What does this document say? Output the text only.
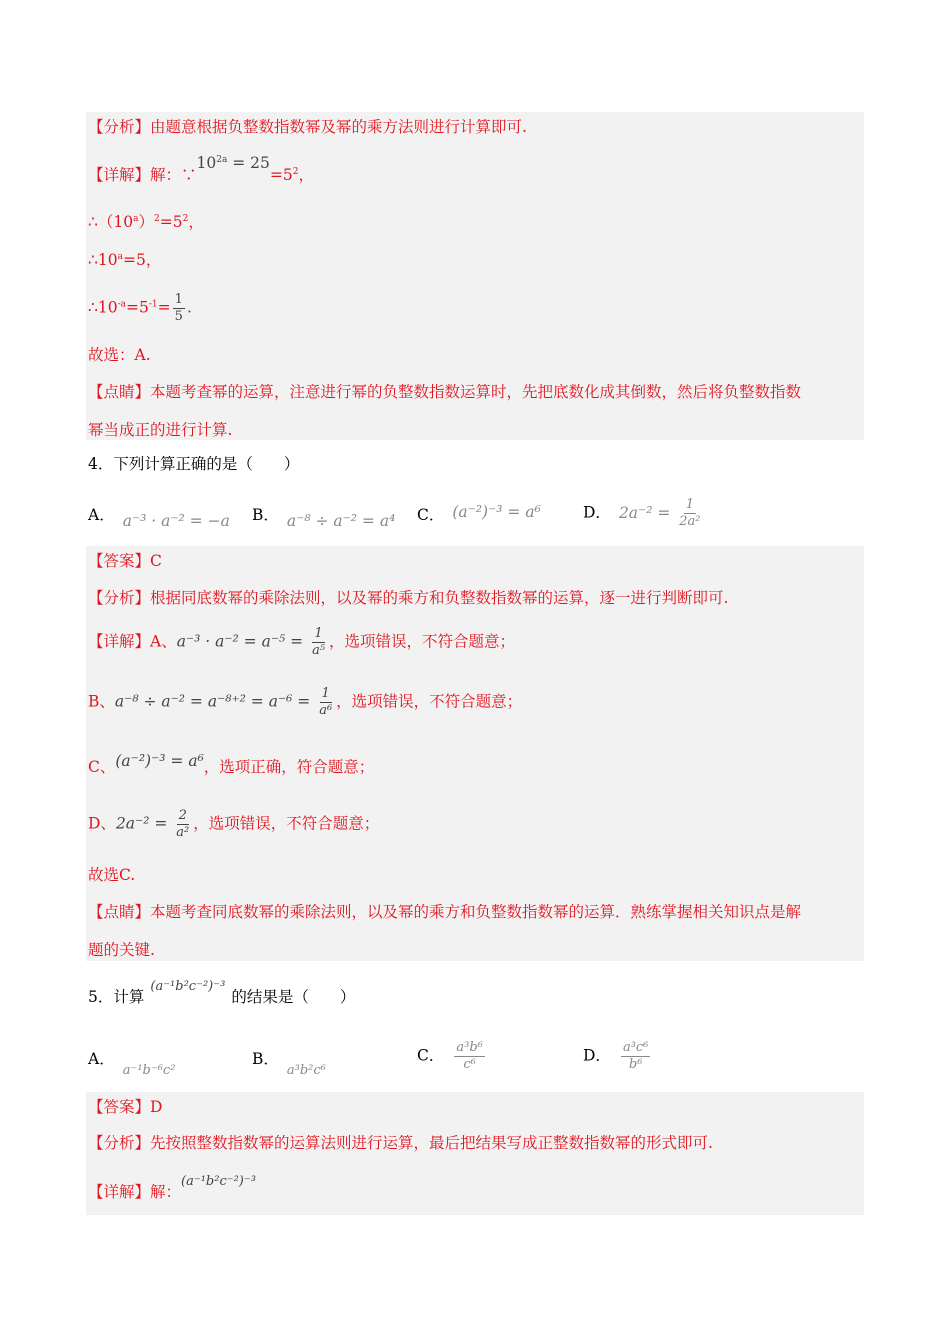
【分析】由题意根据负整数指数幂及幂的乘方法则进行计算即可.
【详解】解：$\because 10^{2a} = 25=5^2$，
$\therefore(10^a)^2=5^2$，
$\therefore 10^a=5$，
$\therefore 10^{-a}=5^{-1}= \frac{1}{5}$ .
故选：A.
【点睛】本题考查幂的运算，注意进行幂的负整数指数运算时，先把底数化成其倒数，然后将负整数指数
幂当成正的进行计算.
4．下列计算正确的是（　　）
A． a⁻³ · a⁻² = −a B． a⁻⁸ ÷ a⁻² = a⁴ C． (a⁻²)⁻³ = a⁶	D． $2a^{-2} = \frac{1}{\text{2a²}}$
【答案】C
【分析】根据同底数幂的乘除法则，以及幂的乘方和负整数指数幂的运算，逐一进行判断即可.
【详解】A、$a^{-3} \cdot a^{-2} = a^{-5} = \frac{1}{\text{a⁵}}$ ，选项错误，不符合题意；
B、$a^{-8} \div a^{-2} = a^{-8+2} = a^{-6} = \frac{1}{\text{a⁶}}$ ，选项错误，不符合题意；
C、(a⁻²)⁻³ = a⁶，选项正确，符合题意；
D、$2a^{-2} = \frac{2}{\text{a²}}$ ，选项错误，不符合题意；
故选C.
【点睛】本题考查同底数幂的乘除法则，以及幂的乘方和负整数指数幂的运算．熟练掌握相关知识点是解
题的关键.
5．计算$^{(a^{-1}b^2c^{-2})^{-3}}$的结果是（　　）
A．$_{a^{-1}b^{-6}c^2}$
B．$_{a^3b^2c^6}$
C． $\frac{\text{a³b⁶}}{\text{c⁶}}$	D． $\frac{\text{a³c⁶}}{\text{b⁶}}$
【答案】D
【分析】先按照整数指数幂的运算法则进行运算，最后把结果写成正整数指数幂的形式即可.
【详解】解：$^{(a^{-1}b^2c^{-2})^{-3}}$
